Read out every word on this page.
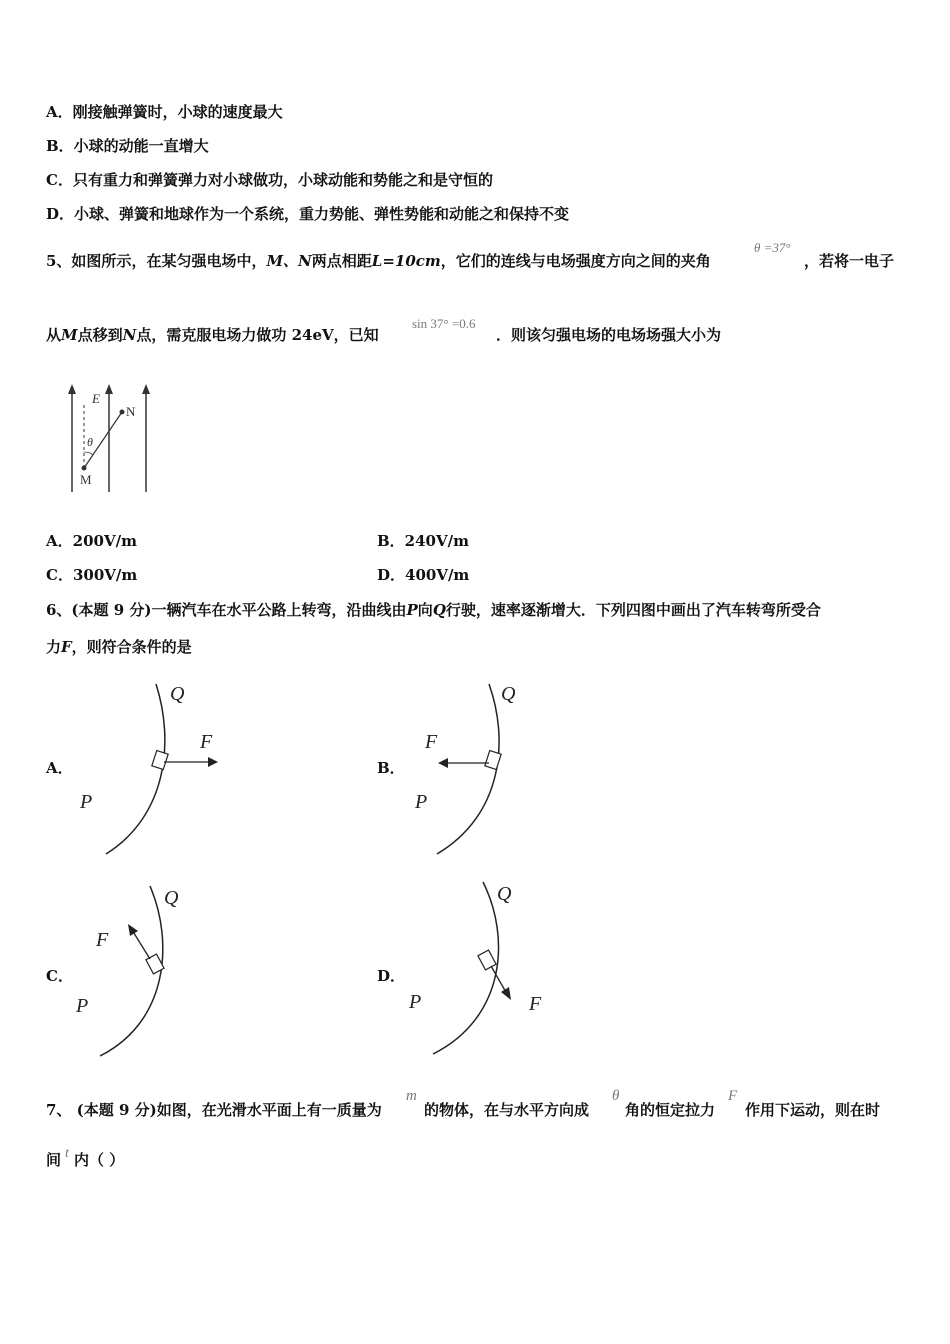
A．刚接触弹簧时，小球的速度最大
B．小球的动能一直增大
C．只有重力和弹簧弹力对小球做功，小球动能和势能之和是守恒的
D．小球、弹簧和地球作为一个系统，重力势能、弹性势能和动能之和保持不变
5、如图所示，在某匀强电场中，M、N两点相距L=10cm，它们的连线与电场强度方向之间的夹角
θ =37°
，若将一电子
从M点移到N点，需克服电场力做功 24eV，已知
sin 37° =0.6
．则该匀强电场的电场场强大小为
E
N
M
θ
A．200V/m	B．240V/m
C．300V/m	D．400V/m
6、(本题 9 分)一辆汽车在水平公路上转弯，沿曲线由P向Q行驶，速率逐渐增大．下列四图中画出了汽车转弯所受合
力F，则符合条件的是
A．
Q
F
P
B．
Q
F
P
C．
Q
F
P
D．
Q
F
P
7、 (本题 9 分)如图，在光滑水平面上有一质量为
m
的物体，在与水平方向成
θ
角的恒定拉力
F
作用下运动，则在时
间 t 内（ ）
